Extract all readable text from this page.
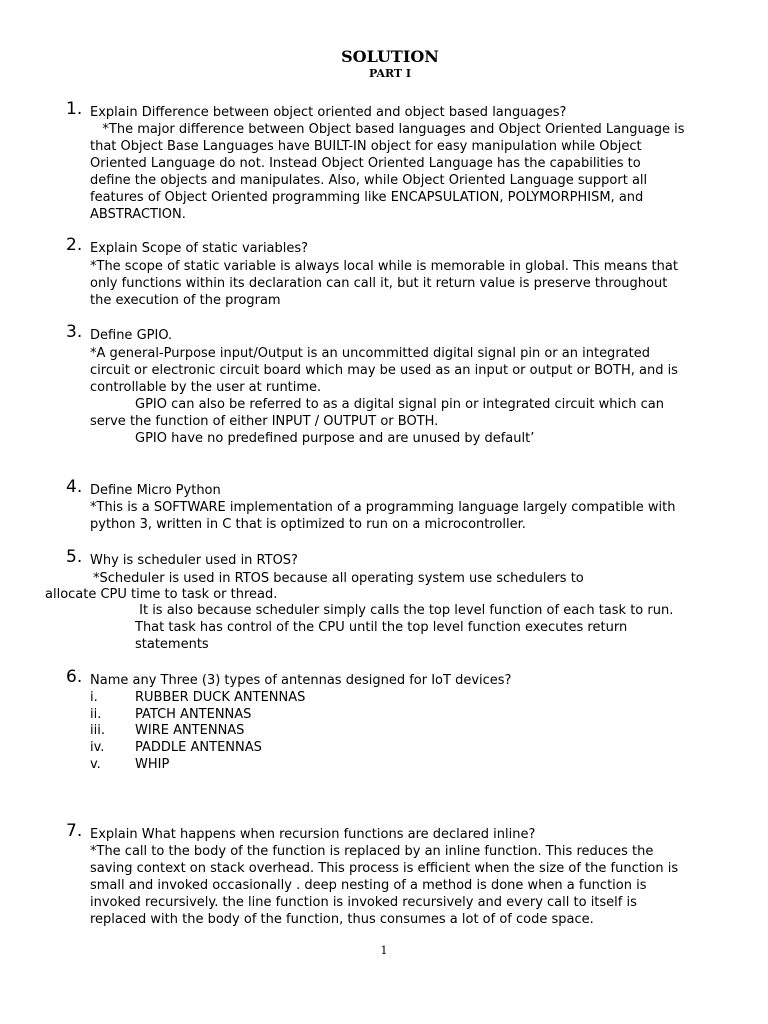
SOLUTION
PART I
1. Explain Difference between object oriented and object based languages?
*The major difference between Object based languages and Object Oriented Language is
that Object Base Languages have BUILT-IN object for easy manipulation while Object
Oriented Language do not. Instead Object Oriented Language has the capabilities to
define the objects and manipulates. Also, while Object Oriented Language support all
features of Object Oriented programming like ENCAPSULATION, POLYMORPHISM, and
ABSTRACTION.
2. Explain Scope of static variables?
*The scope of static variable is always local while is memorable in global. This means that
only functions within its declaration can call it, but it return value is preserve throughout
the execution of the program
3. Define GPIO.
*A general-Purpose input/Output is an uncommitted digital signal pin or an integrated
circuit or electronic circuit board which may be used as an input or output or BOTH, and is
controllable by the user at runtime.
GPIO can also be referred to as a digital signal pin or integrated circuit which can
serve the function of either INPUT / OUTPUT or BOTH.
GPIO have no predefined purpose and are unused by default’
4. Define Micro Python
*This is a SOFTWARE implementation of a programming language largely compatible with
python 3, written in C that is optimized to run on a microcontroller.
5. Why is scheduler used in RTOS?
*Scheduler is used in RTOS because all operating system use schedulers to
allocate CPU time to task or thread.
It is also because scheduler simply calls the top level function of each task to run.
That task has control of the CPU until the top level function executes return
statements
6. Name any Three (3) types of antennas designed for IoT devices?
i.	RUBBER DUCK ANTENNAS
ii.	PATCH ANTENNAS
iii. WIRE ANTENNAS
iv. PADDLE ANTENNAS
v.	WHIP
7. Explain What happens when recursion functions are declared inline?
*The call to the body of the function is replaced by an inline function. This reduces the
saving context on stack overhead. This process is efficient when the size of the function is
small and invoked occasionally . deep nesting of a method is done when a function is
invoked recursively. the line function is invoked recursively and every call to itself is
replaced with the body of the function, thus consumes a lot of of code space.
1
